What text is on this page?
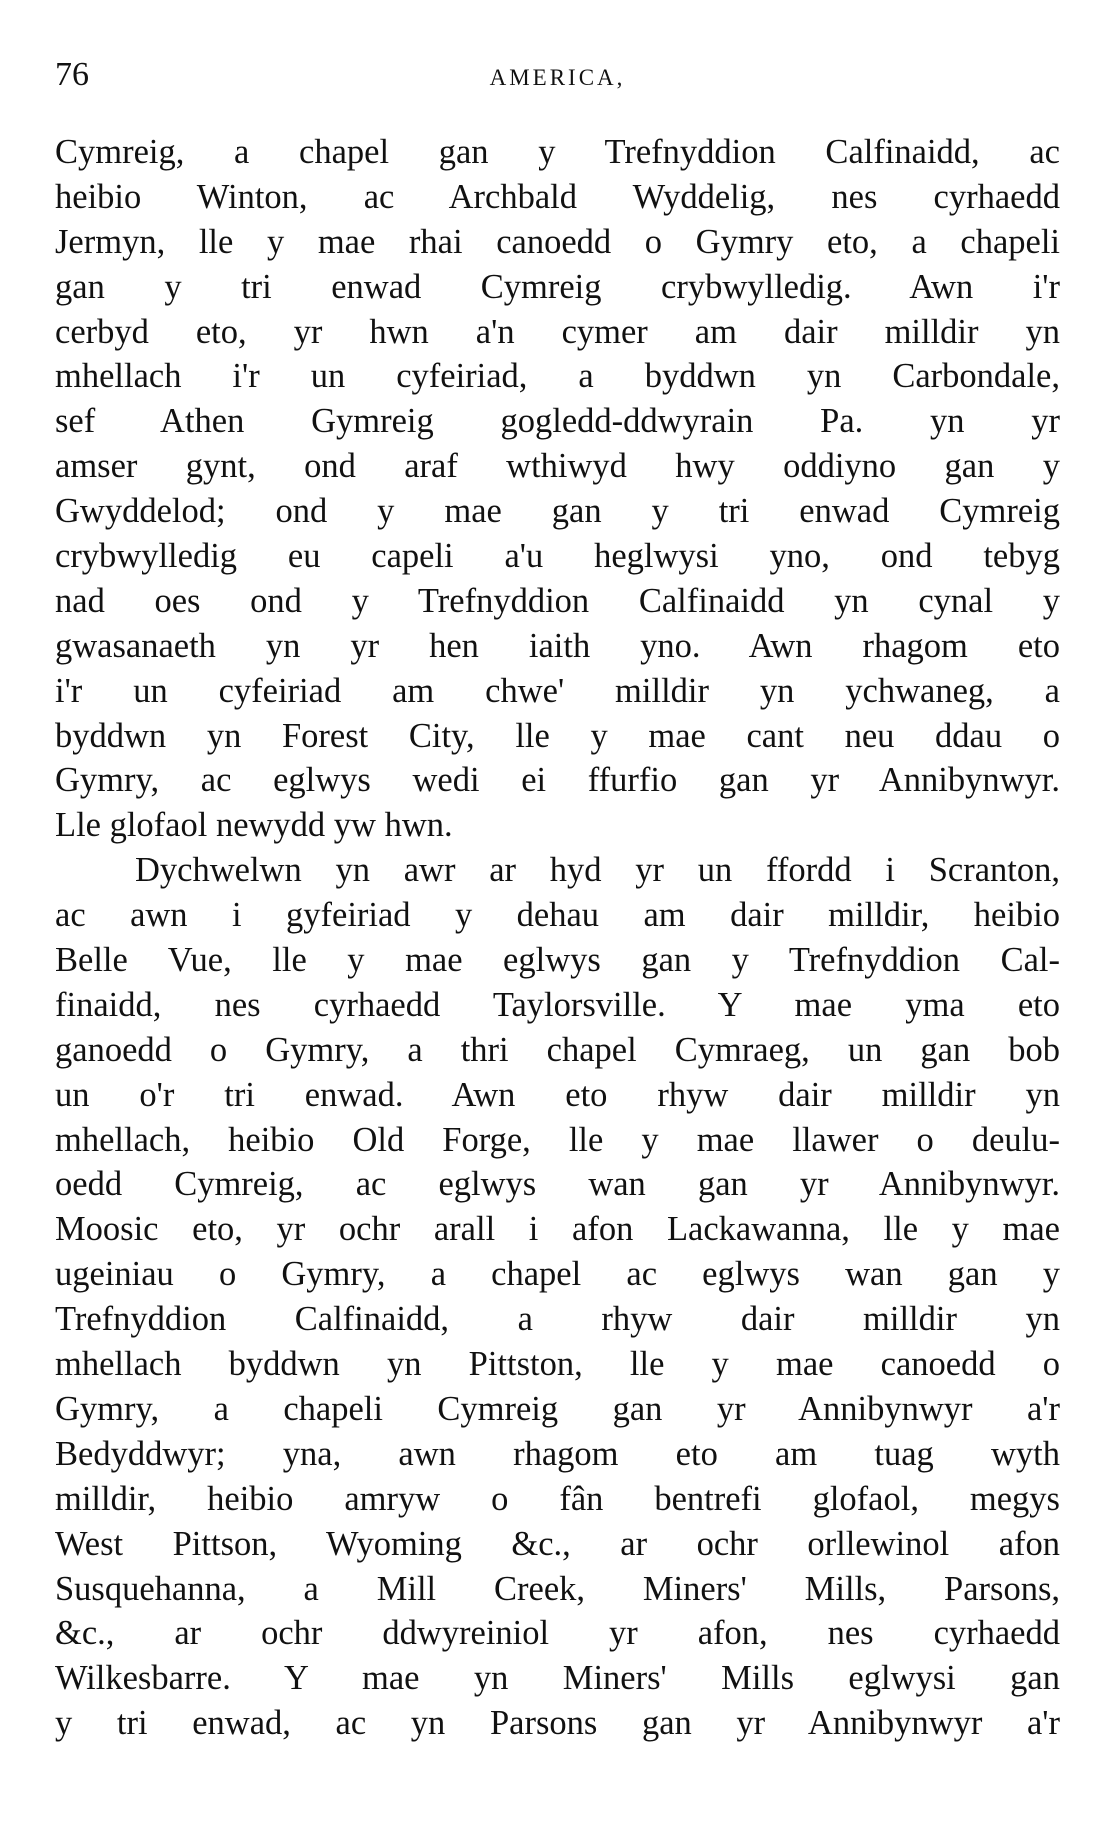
76	AMERICA,
Cymreig, a chapel gan y Trefnyddion Calfinaidd, ac
heibio Winton, ac Archbald Wyddelig, nes cyrhaedd
Jermyn, lle y mae rhai canoedd o Gymry eto, a chapeli
gan y tri enwad Cymreig crybwylledig. Awn i'r
cerbyd eto, yr hwn a'n cymer am dair milldir yn
mhellach i'r un cyfeiriad, a byddwn yn Carbondale,
sef Athen Gymreig gogledd-ddwyrain Pa. yn yr
amser gynt, ond araf wthiwyd hwy oddiyno gan y
Gwyddelod; ond y mae gan y tri enwad Cymreig
crybwylledig eu capeli a'u heglwysi yno, ond tebyg
nad oes ond y Trefnyddion Calfinaidd yn cynal y
gwasanaeth yn yr hen iaith yno. Awn rhagom eto
i'r un cyfeiriad am chwe' milldir yn ychwaneg, a
byddwn yn Forest City, lle y mae cant neu ddau o
Gymry, ac eglwys wedi ei ffurfio gan yr Annibynwyr.
Lle glofaol newydd yw hwn.
Dychwelwn yn awr ar hyd yr un ffordd i Scranton,
ac awn i gyfeiriad y dehau am dair milldir, heibio
Belle Vue, lle y mae eglwys gan y Trefnyddion Cal-
finaidd, nes cyrhaedd Taylorsville. Y mae yma eto
ganoedd o Gymry, a thri chapel Cymraeg, un gan bob
un o'r tri enwad. Awn eto rhyw dair milldir yn
mhellach, heibio Old Forge, lle y mae llawer o deulu-
oedd Cymreig, ac eglwys wan gan yr Annibynwyr.
Moosic eto, yr ochr arall i afon Lackawanna, lle y mae
ugeiniau o Gymry, a chapel ac eglwys wan gan y
Trefnyddion Calfinaidd, a rhyw dair milldir yn
mhellach byddwn yn Pittston, lle y mae canoedd o
Gymry, a chapeli Cymreig gan yr Annibynwyr a'r
Bedyddwyr; yna, awn rhagom eto am tuag wyth
milldir, heibio amryw o fân bentrefi glofaol, megys
West Pittson, Wyoming &c., ar ochr orllewinol afon
Susquehanna, a Mill Creek, Miners' Mills, Parsons,
&c., ar ochr ddwyreiniol yr afon, nes cyrhaedd
Wilkesbarre. Y mae yn Miners' Mills eglwysi gan
y tri enwad, ac yn Parsons gan yr Annibynwyr a'r
